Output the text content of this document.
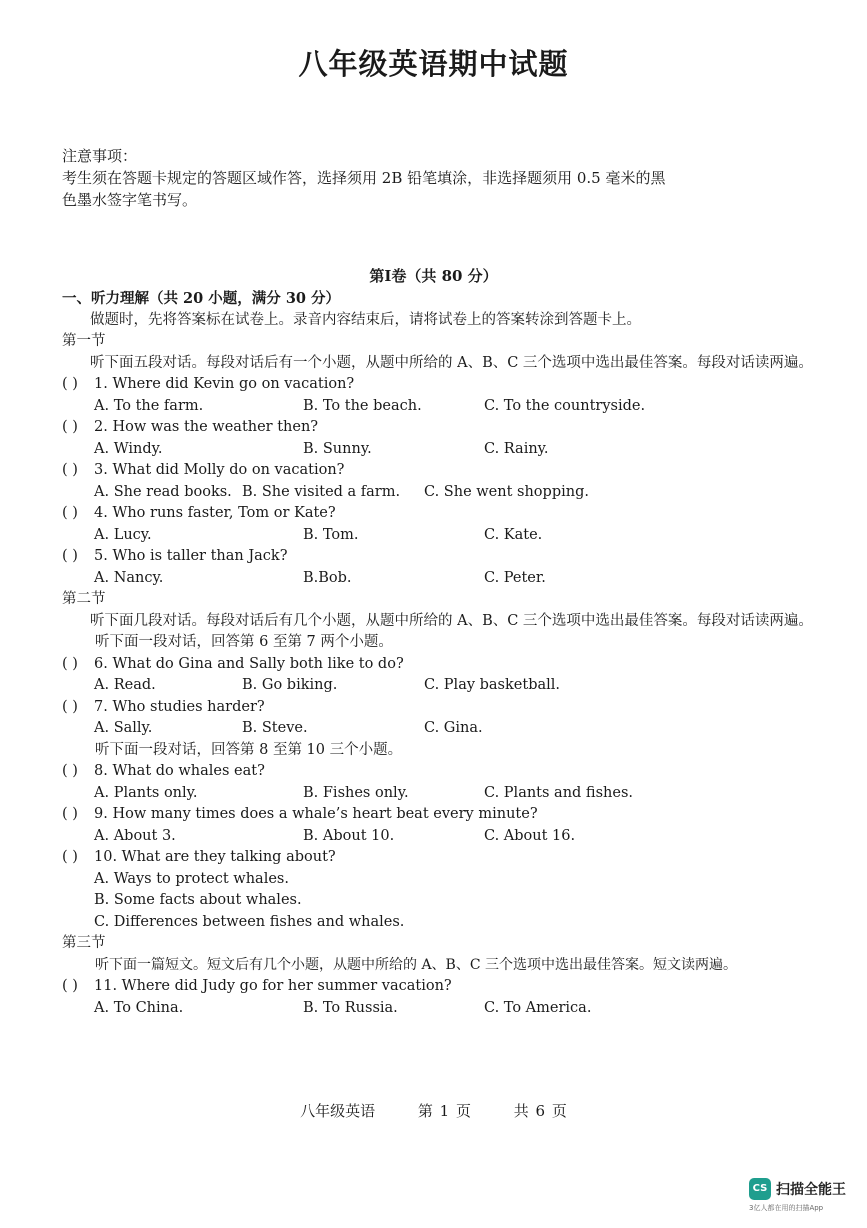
八年级英语期中试题
注意事项：
考生须在答题卡规定的答题区域作答，选择须用 2B 铅笔填涂，非选择题须用 0.5 毫米的黑
色墨水签字笔书写。
第Ⅰ卷（共 80 分）
一、听力理解（共 20 小题，满分 30 分）
做题时，先将答案标在试卷上。录音内容结束后，请将试卷上的答案转涂到答题卡上。
第一节
听下面五段对话。每段对话后有一个小题，从题中所给的 A、B、C 三个选项中选出最佳答案。每段对话读两遍。
( ) 1. Where did Kevin go on vacation?
A. To the farm.	B. To the beach.	C. To the countryside.
( ) 2. How was the weather then?
A. Windy.	B. Sunny.	C. Rainy.
( ) 3. What did Molly do on vacation?
A. She read books. B. She visited a farm. C. She went shopping.
( ) 4. Who runs faster, Tom or Kate?
A. Lucy.	B. Tom.	C. Kate.
( ) 5. Who is taller than Jack?
A. Nancy.	B.Bob.	C. Peter.
第二节
听下面几段对话。每段对话后有几个小题，从题中所给的 A、B、C 三个选项中选出最佳答案。每段对话读两遍。
听下面一段对话，回答第 6 至第 7 两个小题。
( ) 6. What do Gina and Sally both like to do?
A. Read.	B. Go biking.	C. Play basketball.
( ) 7. Who studies harder?
A. Sally.	B. Steve.	C. Gina.
听下面一段对话，回答第 8 至第 10 三个小题。
( ) 8. What do whales eat?
A. Plants only.	B. Fishes only.	C. Plants and fishes.
( ) 9. How many times does a whale’s heart beat every minute?
A. About 3.	B. About 10.	C. About 16.
( ) 10. What are they talking about?
A. Ways to protect whales.
B. Some facts about whales.
C. Differences between fishes and whales.
第三节
听下面一篇短文。短文后有几个小题，从题中所给的 A、B、C 三个选项中选出最佳答案。短文读两遍。
( ) 11. Where did Judy go for her summer vacation?
A. To China.	B. To Russia.	C. To America.
八年级英语	第 1 页	共 6 页
CS 扫描全能王
3亿人都在用的扫描App
